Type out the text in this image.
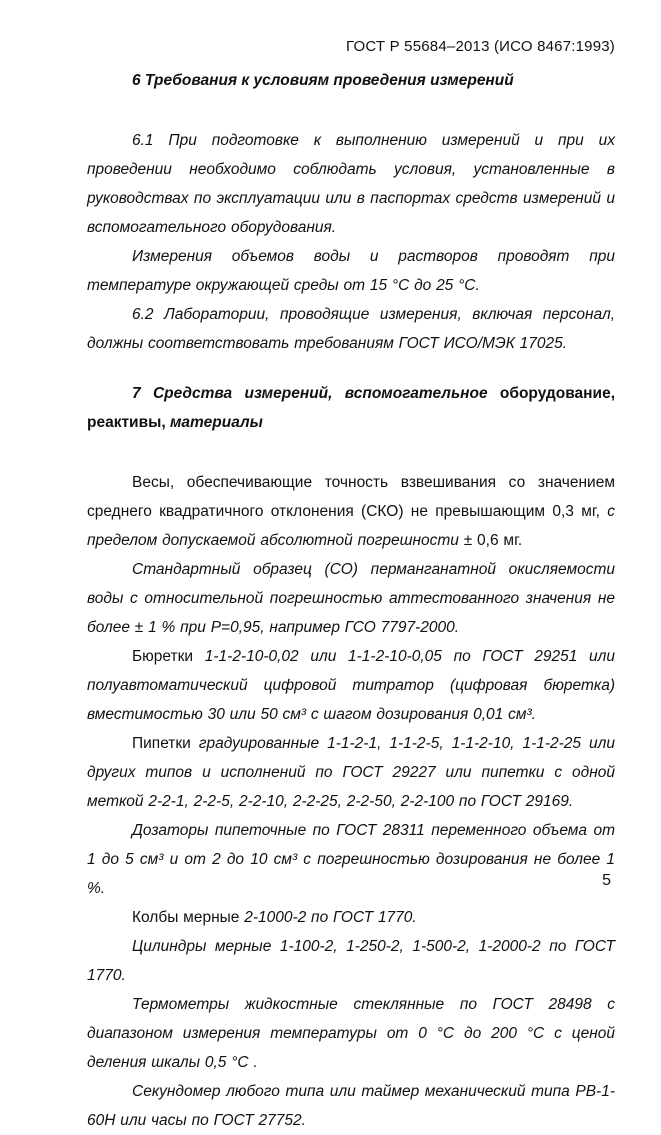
ГОСТ Р 55684–2013 (ИСО 8467:1993)
6 Требования к условиям проведения измерений

6.1 При подготовке к выполнению измерений и при их проведении необходимо соблюдать условия, установленные в руководствах по эксплуатации или в паспортах средств измерений и вспомогательного оборудования.

Измерения объемов воды и растворов проводят при температуре окружающей среды от 15 °С до 25 °С.

6.2 Лаборатории, проводящие измерения, включая персонал, должны соответствовать требованиям ГОСТ ИСО/МЭК 17025.

7 Средства измерений, вспомогательное оборудование, реактивы, материалы

Весы, обеспечивающие точность взвешивания со значением среднего квадратичного отклонения (СКО) не превышающим 0,3 мг, с пределом допускаемой абсолютной погрешности ± 0,6 мг.

Стандартный образец (СО) перманганатной окисляемости воды с относительной погрешностью аттестованного значения не более ± 1 % при Р=0,95, например ГСО 7797-2000.

Бюретки 1-1-2-10-0,02 или 1-1-2-10-0,05 по ГОСТ 29251 или полуавтоматический цифровой титратор (цифровая бюретка) вместимостью 30 или 50 см³ с шагом дозирования 0,01 см³.

Пипетки градуированные 1-1-2-1, 1-1-2-5, 1-1-2-10, 1-1-2-25 или других типов и исполнений по ГОСТ 29227 или пипетки с одной меткой 2-2-1, 2-2-5, 2-2-10, 2-2-25, 2-2-50, 2-2-100 по ГОСТ 29169.

Дозаторы пипеточные по ГОСТ 28311 переменного объема от 1 до 5 см³ и от 2 до 10 см³ с погрешностью дозирования не более 1 %.

Колбы мерные 2-1000-2 по ГОСТ 1770.

Цилиндры мерные 1-100-2, 1-250-2, 1-500-2, 1-2000-2 по ГОСТ 1770.

Термометры жидкостные стеклянные по ГОСТ 28498 с диапазоном измерения температуры от 0 °С до 200 °С с ценой деления шкалы 0,5 °С .

Секундомер любого типа или таймер механический типа РВ-1-60Н или часы по ГОСТ 27752.

5
